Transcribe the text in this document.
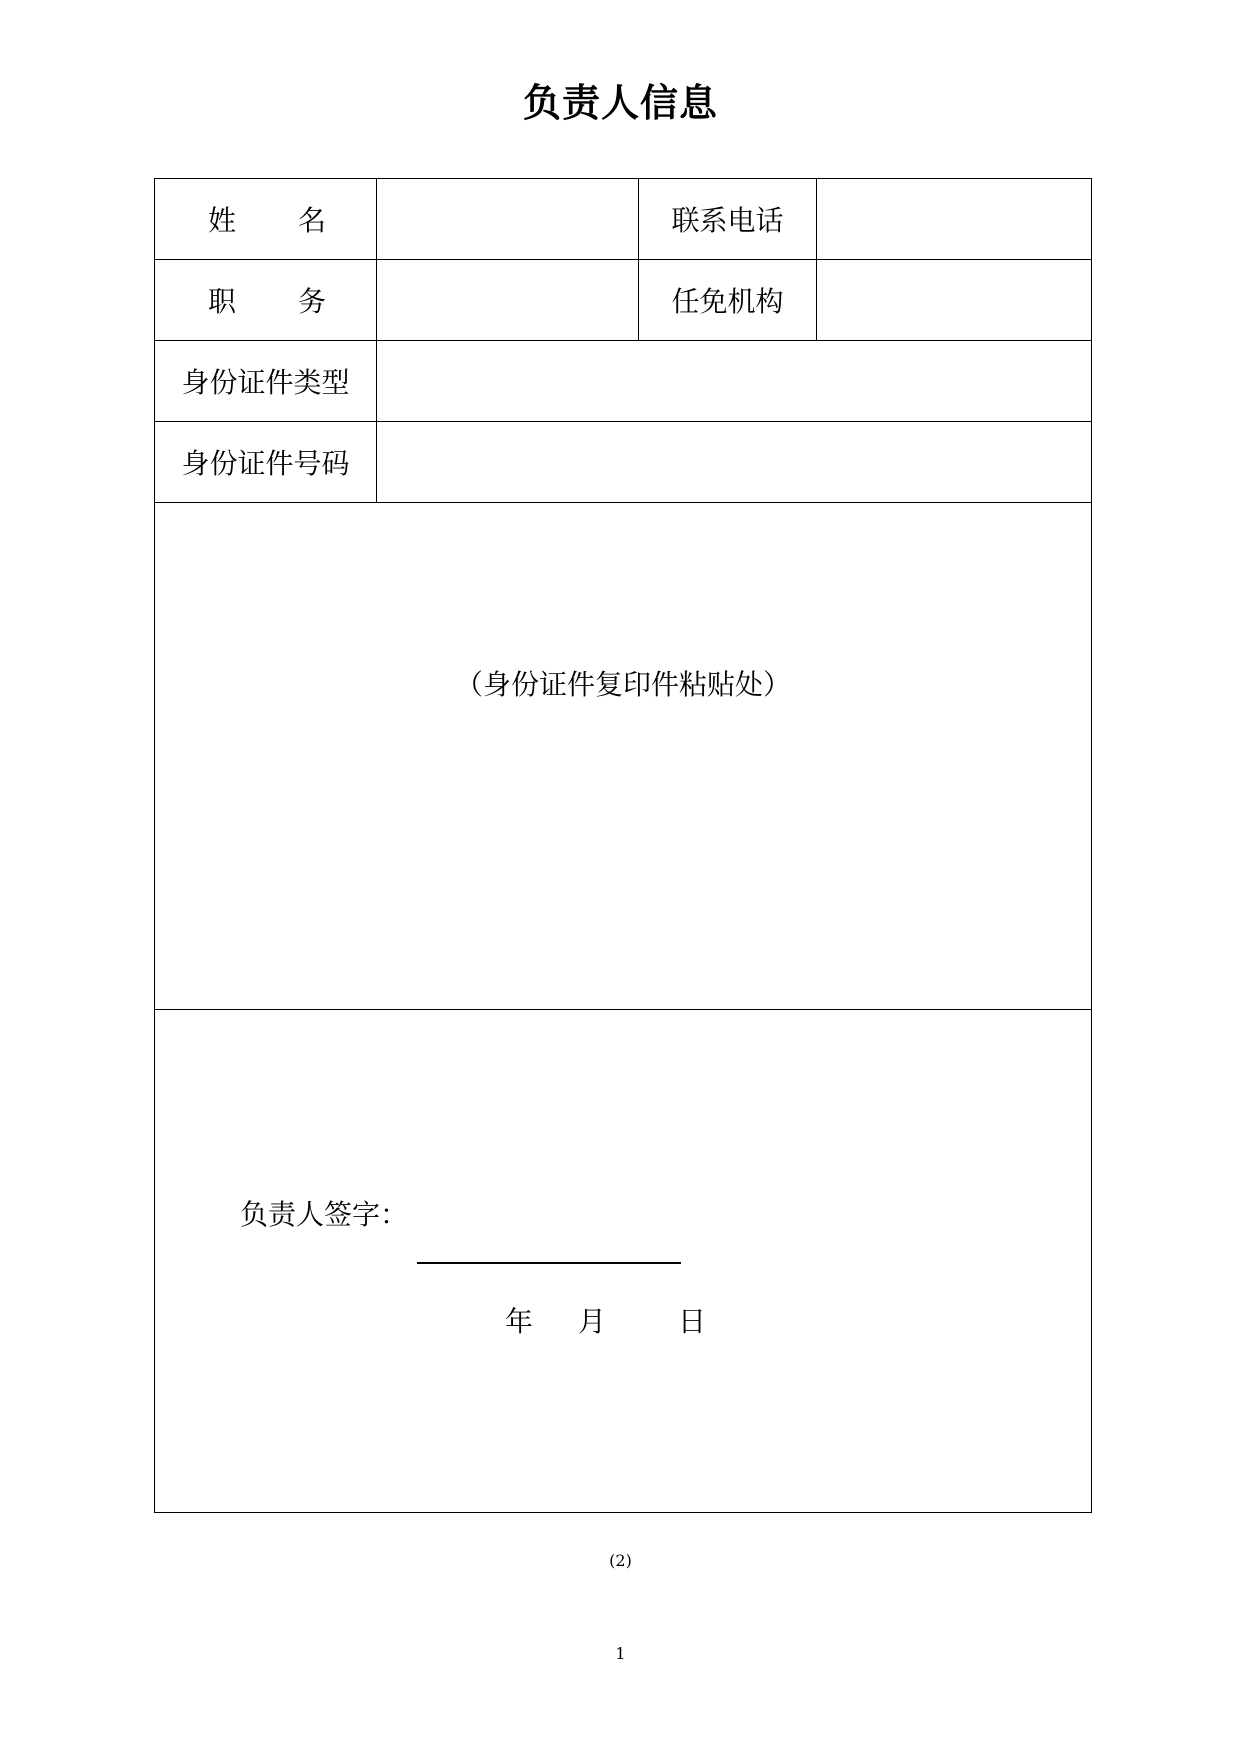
负责人信息
姓 名		联系电话	

职 务		任免机构	
身份证件类型			
身份证件号码			

（身份证件复印件粘贴处）			

负责人签字：
年 月 日			
(2)
1
